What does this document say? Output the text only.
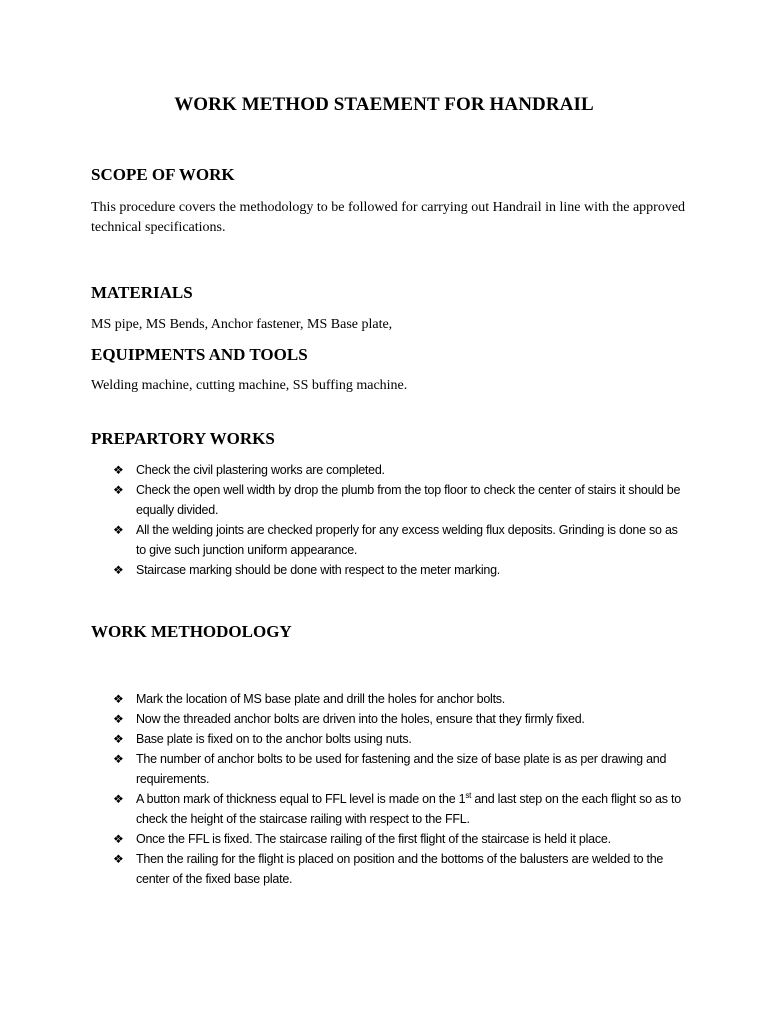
WORK METHOD STAEMENT FOR HANDRAIL
SCOPE OF WORK
This procedure covers the methodology to be followed for carrying out Handrail in line with the approved technical specifications.
MATERIALS
MS pipe, MS Bends, Anchor fastener, MS Base plate,
EQUIPMENTS AND TOOLS
Welding machine, cutting machine, SS buffing machine.
PREPARTORY WORKS
❖ Check the civil plastering works are completed.
❖ Check the open well width by drop the plumb from the top floor to check the center of stairs it should be equally divided.
❖ All the welding joints are checked properly for any excess welding flux deposits. Grinding is done so as to give such junction uniform appearance.
❖ Staircase marking should be done with respect to the meter marking.
WORK METHODOLOGY
❖ Mark the location of MS base plate and drill the holes for anchor bolts.
❖ Now the threaded anchor bolts are driven into the holes, ensure that they firmly fixed.
❖ Base plate is fixed on to the anchor bolts using nuts.
❖ The number of anchor bolts to be used for fastening and the size of base plate is as per drawing and requirements.
❖ A button mark of thickness equal to FFL level is made on the 1st and last step on the each flight so as to check the height of the staircase railing with respect to the FFL.
❖ Once the FFL is fixed. The staircase railing of the first flight of the staircase is held it place.
❖ Then the railing for the flight is placed on position and the bottoms of the balusters are welded to the center of the fixed base plate.
